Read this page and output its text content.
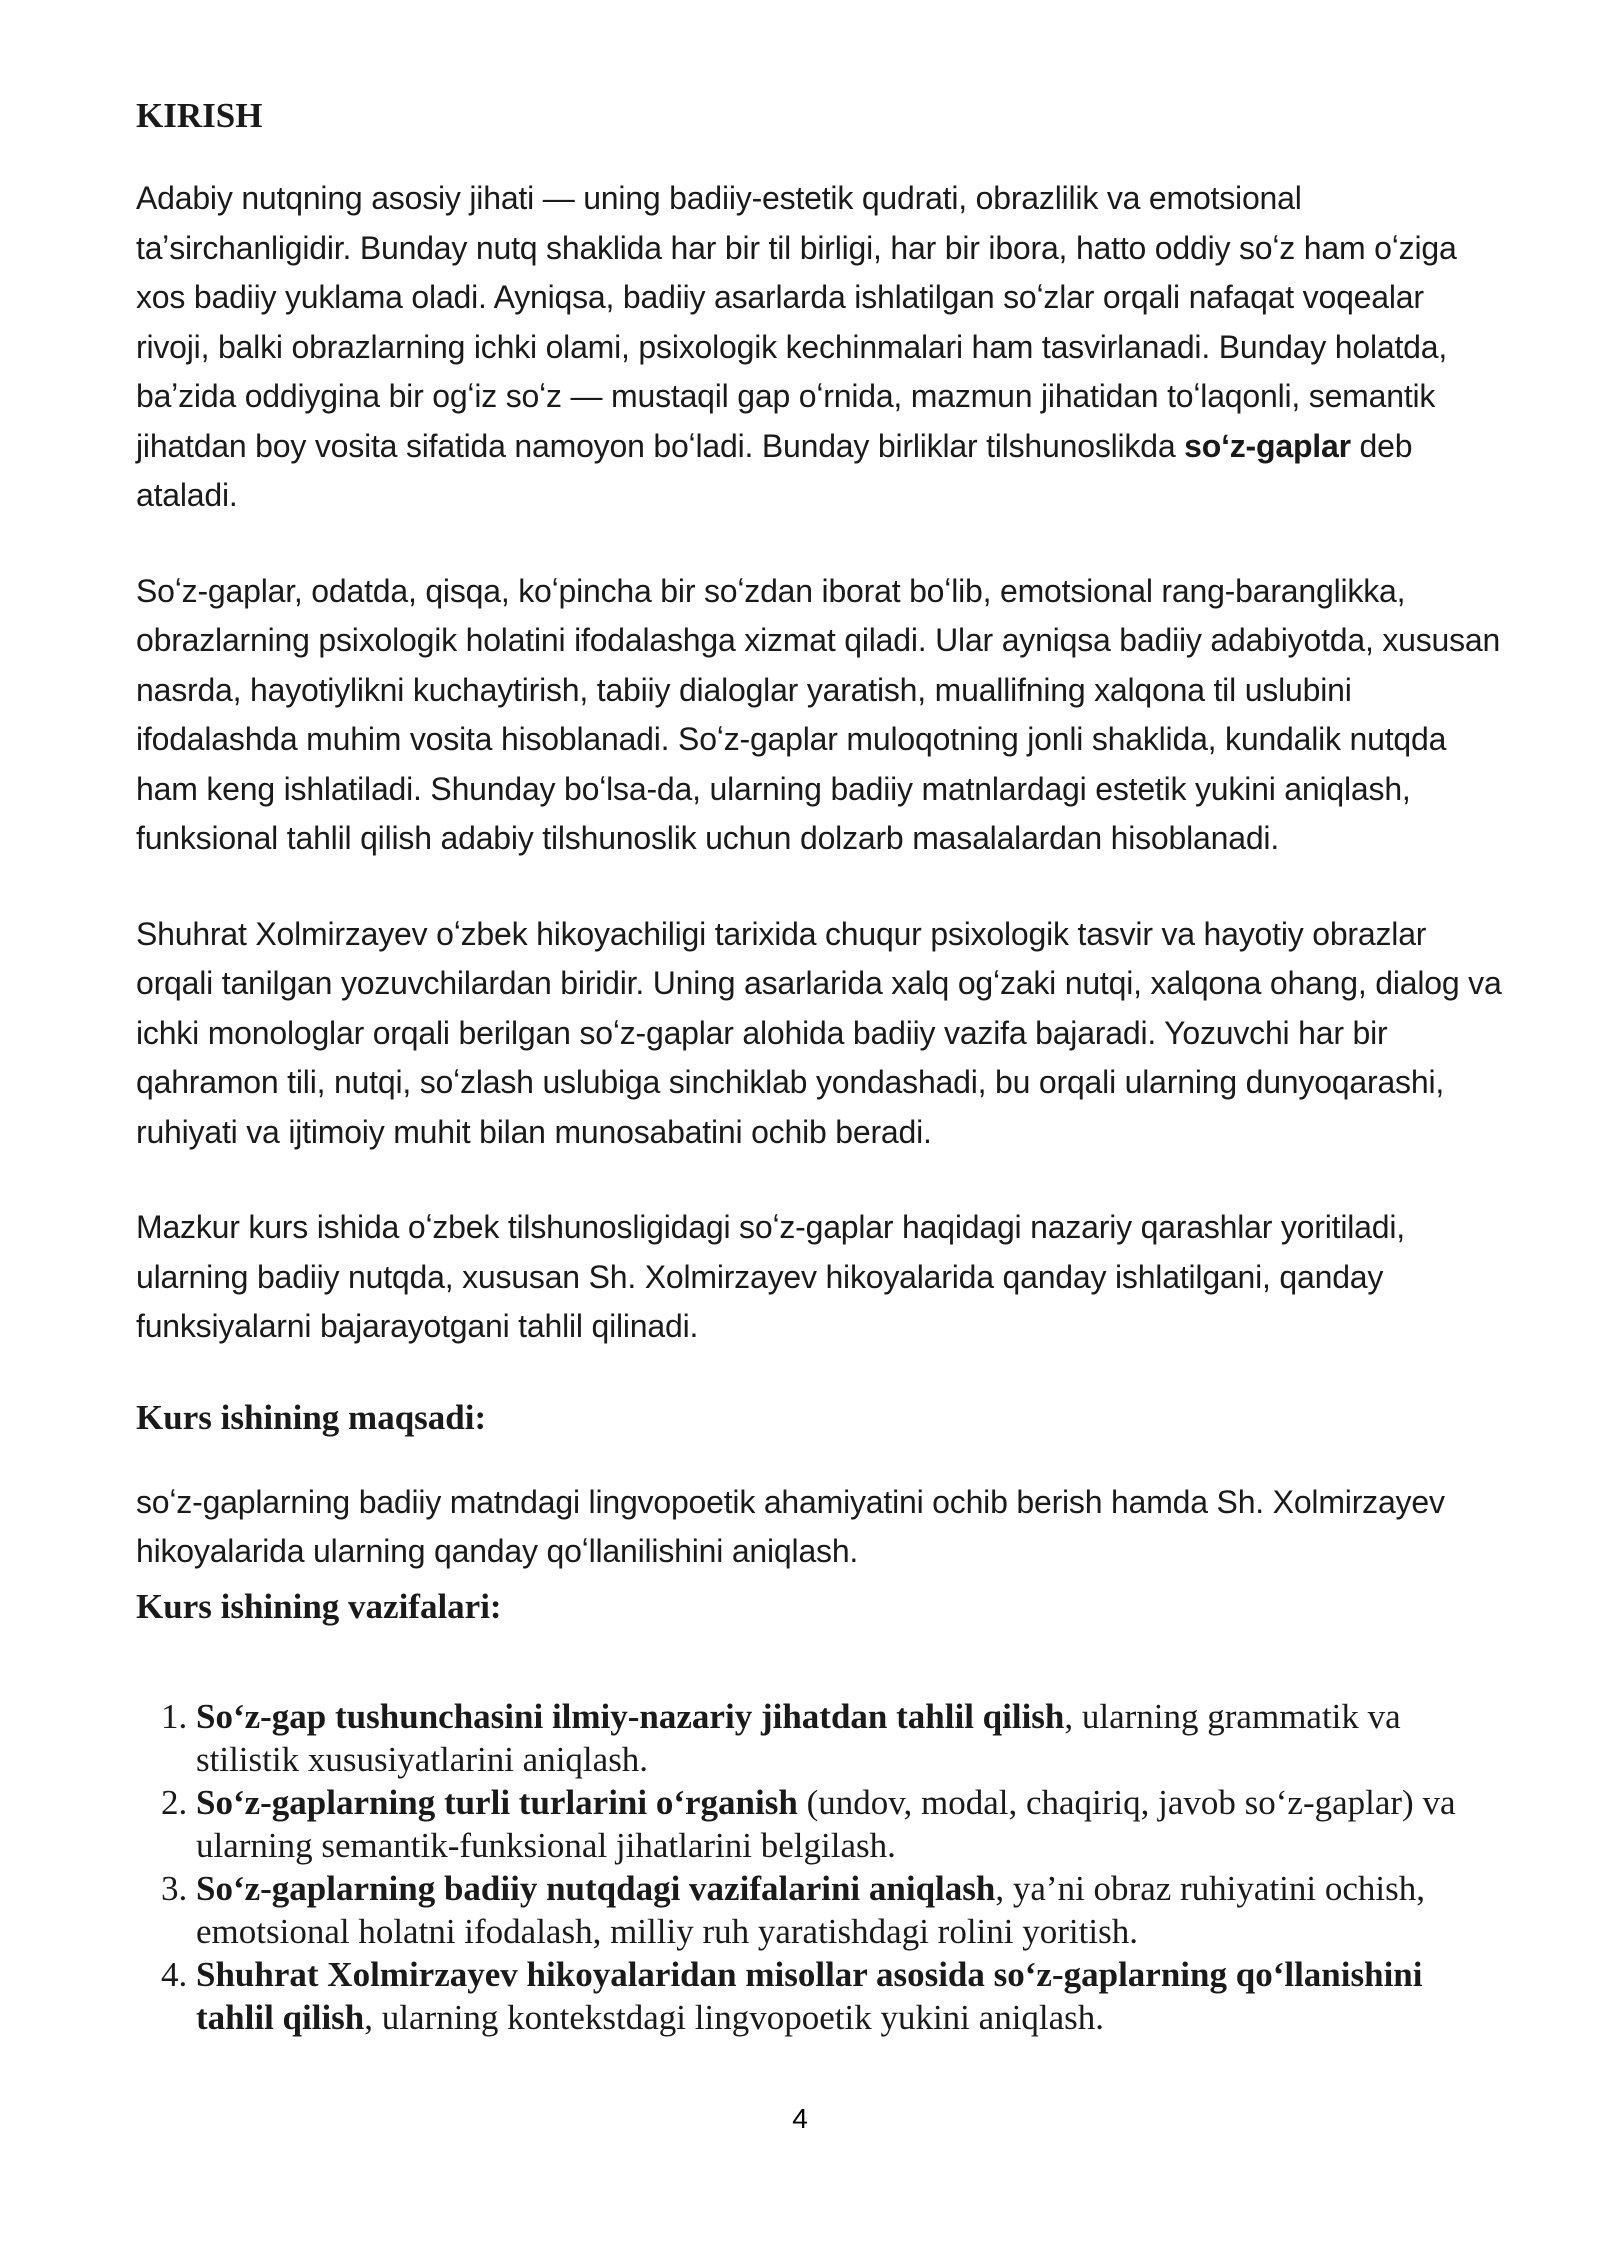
KIRISH

Adabiy nutqning asosiy jihati — uning badiiy-estetik qudrati, obrazlilik va emotsional taʼsirchanligidir. Bunday nutq shaklida har bir til birligi, har bir ibora, hatto oddiy soʻz ham oʻziga xos badiiy yuklama oladi. Ayniqsa, badiiy asarlarda ishlatilgan soʻzlar orqali nafaqat voqealar rivoji, balki obrazlarning ichki olami, psixologik kechinmalari ham tasvirlanadi. Bunday holatda, baʼzida oddiygina bir ogʻiz soʻz — mustaqil gap oʻrnida, mazmun jihatidan toʻlaqonli, semantik jihatdan boy vosita sifatida namoyon boʻladi. Bunday birliklar tilshunoslikda soʻz-gaplar deb ataladi.

Soʻz-gaplar, odatda, qisqa, koʻpincha bir soʻzdan iborat boʻlib, emotsional rang-baranglikka, obrazlarning psixologik holatini ifodalashga xizmat qiladi. Ular ayniqsa badiiy adabiyotda, xususan nasrda, hayotiylikni kuchaytirish, tabiiy dialoglar yaratish, muallifning xalqona til uslubini ifodalashda muhim vosita hisoblanadi. Soʻz-gaplar muloqotning jonli shaklida, kundalik nutqda ham keng ishlatiladi. Shunday boʻlsa-da, ularning badiiy matnlardagi estetik yukini aniqlash, funksional tahlil qilish adabiy tilshunoslik uchun dolzarb masalalardan hisoblanadi.

Shuhrat Xolmirzayev oʻzbek hikoyachiligi tarixida chuqur psixologik tasvir va hayotiy obrazlar orqali tanilgan yozuvchilardan biridir. Uning asarlarida xalq ogʻzaki nutqi, xalqona ohang, dialog va ichki monologlar orqali berilgan soʻz-gaplar alohida badiiy vazifa bajaradi. Yozuvchi har bir qahramon tili, nutqi, soʻzlash uslubiga sinchiklab yondashadi, bu orqali ularning dunyoqarashi, ruhiyati va ijtimoiy muhit bilan munosabatini ochib beradi.

Mazkur kurs ishida oʻzbek tilshunosligidagi soʻz-gaplar haqidagi nazariy qarashlar yoritiladi, ularning badiiy nutqda, xususan Sh. Xolmirzayev hikoyalarida qanday ishlatilgani, qanday funksiyalarni bajarayotgani tahlil qilinadi.

Kurs ishining maqsadi:

soʻz-gaplarning badiiy matndagi lingvopoetik ahamiyatini ochib berish hamda Sh. Xolmirzayev hikoyalarida ularning qanday qoʻllanilishini aniqlash.

Kurs ishining vazifalari:
1. So‘z-gap tushunchasini ilmiy-nazariy jihatdan tahlil qilish, ularning grammatik va stilistik xususiyatlarini aniqlash.
2. So‘z-gaplarning turli turlarini o‘rganish (undov, modal, chaqiriq, javob so‘z-gaplar) va ularning semantik-funksional jihatlarini belgilash.
3. So‘z-gaplarning badiiy nutqdagi vazifalarini aniqlash, ya’ni obraz ruhiyatini ochish, emotsional holatni ifodalash, milliy ruh yaratishdagi rolini yoritish.
4. Shuhrat Xolmirzayev hikoyalaridan misollar asosida so‘z-gaplarning qo‘llanishini tahlil qilish, ularning kontekstdagi lingvopoetik yukini aniqlash.
4
